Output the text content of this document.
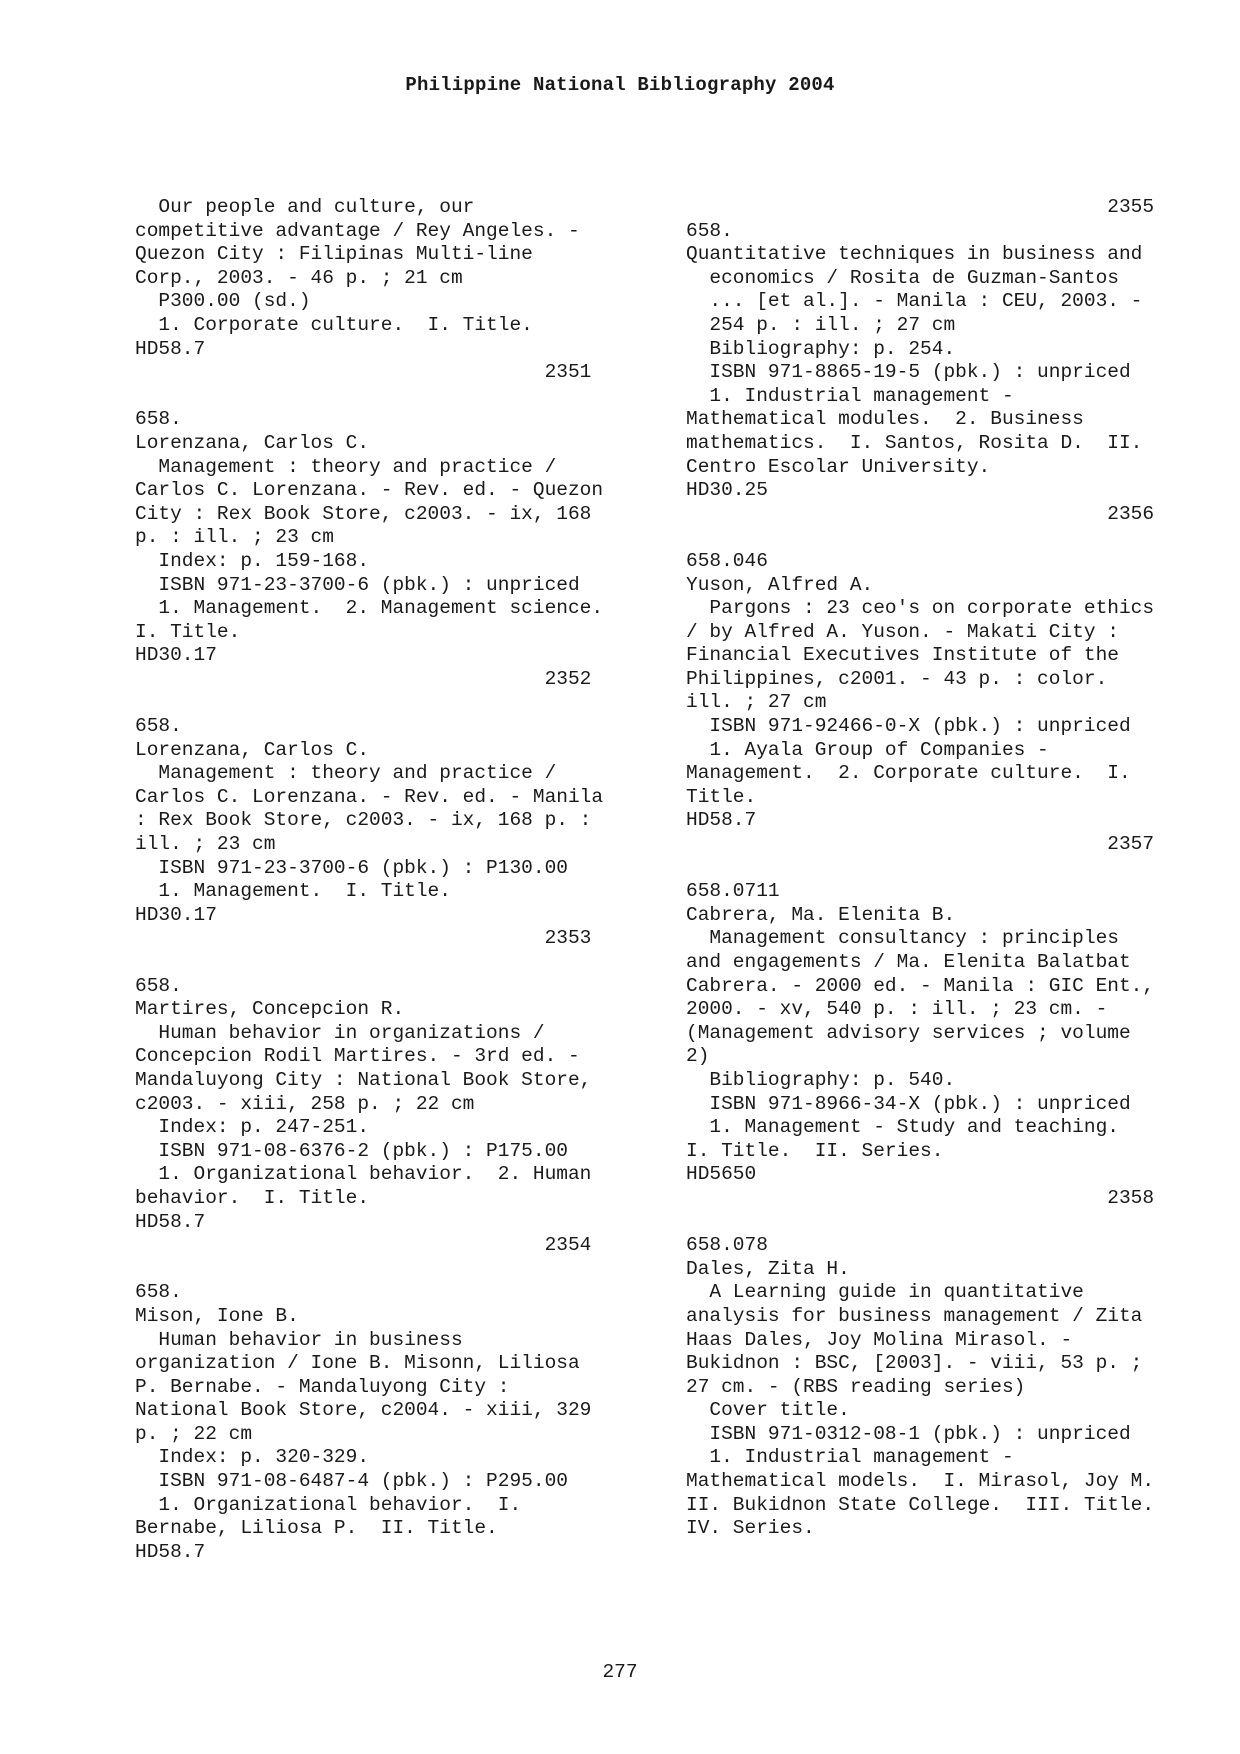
Philippine National Bibliography 2004
Our people and culture, our
competitive advantage / Rey Angeles. -
Quezon City : Filipinas Multi-line
Corp., 2003. - 46 p. ; 21 cm
P300.00 (sd.)
1. Corporate culture.  I. Title.
HD58.7
2351
658.
Lorenzana, Carlos C.
Management : theory and practice /
Carlos C. Lorenzana. - Rev. ed. - Quezon
City : Rex Book Store, c2003. - ix, 168
p. : ill. ; 23 cm
Index: p. 159-168.
ISBN 971-23-3700-6 (pbk.) : unpriced
1. Management.  2. Management science.
I. Title.
HD30.17
2352
658.
Lorenzana, Carlos C.
Management : theory and practice /
Carlos C. Lorenzana. - Rev. ed. - Manila
: Rex Book Store, c2003. - ix, 168 p. :
ill. ; 23 cm
ISBN 971-23-3700-6 (pbk.) : P130.00
1. Management.  I. Title.
HD30.17
2353
658.
Martires, Concepcion R.
Human behavior in organizations /
Concepcion Rodil Martires. - 3rd ed. -
Mandaluyong City : National Book Store,
c2003. - xiii, 258 p. ; 22 cm
Index: p. 247-251.
ISBN 971-08-6376-2 (pbk.) : P175.00
1. Organizational behavior.  2. Human
behavior.  I. Title.
HD58.7
2354
658.
Mison, Ione B.
Human behavior in business
organization / Ione B. Misonn, Liliosa
P. Bernabe. - Mandaluyong City :
National Book Store, c2004. - xiii, 329
p. ; 22 cm
Index: p. 320-329.
ISBN 971-08-6487-4 (pbk.) : P295.00
1. Organizational behavior.  I.
Bernabe, Liliosa P.  II. Title.
HD58.7
2355
658.
Quantitative techniques in business and
economics / Rosita de Guzman-Santos
... [et al.]. - Manila : CEU, 2003. -
254 p. : ill. ; 27 cm
Bibliography: p. 254.
ISBN 971-8865-19-5 (pbk.) : unpriced
1. Industrial management -
Mathematical modules.  2. Business
mathematics.  I. Santos, Rosita D.  II.
Centro Escolar University.
HD30.25
2356
658.046
Yuson, Alfred A.
Pargons : 23 ceo's on corporate ethics
/ by Alfred A. Yuson. - Makati City :
Financial Executives Institute of the
Philippines, c2001. - 43 p. : color.
ill. ; 27 cm
ISBN 971-92466-0-X (pbk.) : unpriced
1. Ayala Group of Companies -
Management.  2. Corporate culture.  I.
Title.
HD58.7
2357
658.0711
Cabrera, Ma. Elenita B.
Management consultancy : principles
and engagements / Ma. Elenita Balatbat
Cabrera. - 2000 ed. - Manila : GIC Ent.,
2000. - xv, 540 p. : ill. ; 23 cm. -
(Management advisory services ; volume
2)
Bibliography: p. 540.
ISBN 971-8966-34-X (pbk.) : unpriced
1. Management - Study and teaching.
I. Title.  II. Series.
HD5650
2358
658.078
Dales, Zita H.
A Learning guide in quantitative
analysis for business management / Zita
Haas Dales, Joy Molina Mirasol. -
Bukidnon : BSC, [2003]. - viii, 53 p. ;
27 cm. - (RBS reading series)
Cover title.
ISBN 971-0312-08-1 (pbk.) : unpriced
1. Industrial management -
Mathematical models.  I. Mirasol, Joy M.
II. Bukidnon State College.  III. Title.
IV. Series.
277
